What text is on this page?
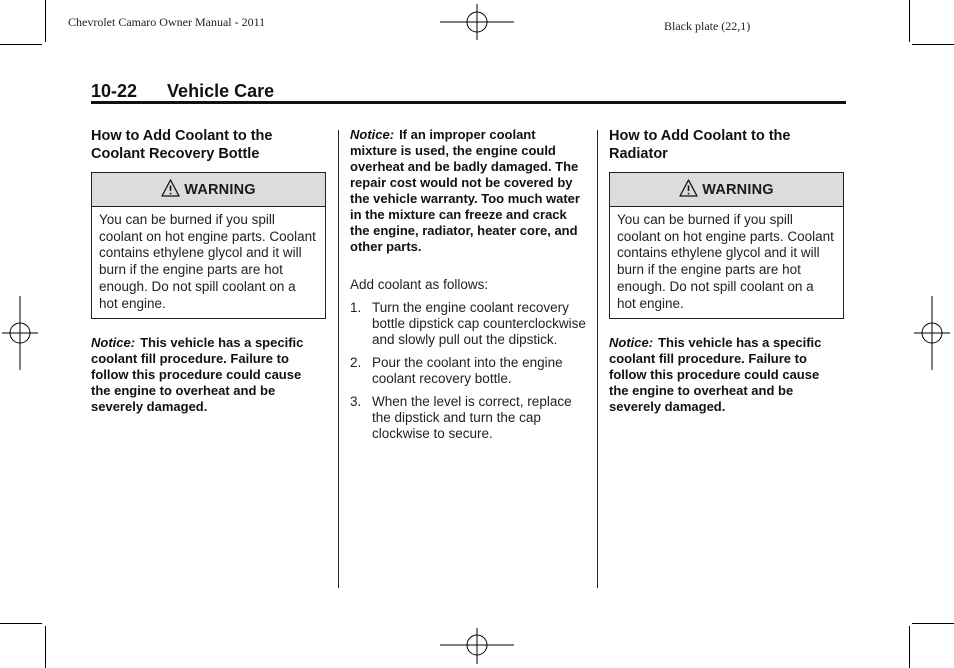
Chevrolet Camaro Owner Manual - 2011	Black plate (22,1)
10-22 Vehicle Care
How to Add Coolant to the Coolant Recovery Bottle
WARNING
You can be burned if you spill coolant on hot engine parts. Coolant contains ethylene glycol and it will burn if the engine parts are hot enough. Do not spill coolant on a hot engine.
Notice: This vehicle has a specific coolant fill procedure. Failure to follow this procedure could cause the engine to overheat and be severely damaged.
Notice: If an improper coolant mixture is used, the engine could overheat and be badly damaged. The repair cost would not be covered by the vehicle warranty. Too much water in the mixture can freeze and crack the engine, radiator, heater core, and other parts.
Add coolant as follows:
1. Turn the engine coolant recovery bottle dipstick cap counterclockwise and slowly pull out the dipstick.
2. Pour the coolant into the engine coolant recovery bottle.
3. When the level is correct, replace the dipstick and turn the cap clockwise to secure.
How to Add Coolant to the Radiator
WARNING
You can be burned if you spill coolant on hot engine parts. Coolant contains ethylene glycol and it will burn if the engine parts are hot enough. Do not spill coolant on a hot engine.
Notice: This vehicle has a specific coolant fill procedure. Failure to follow this procedure could cause the engine to overheat and be severely damaged.
